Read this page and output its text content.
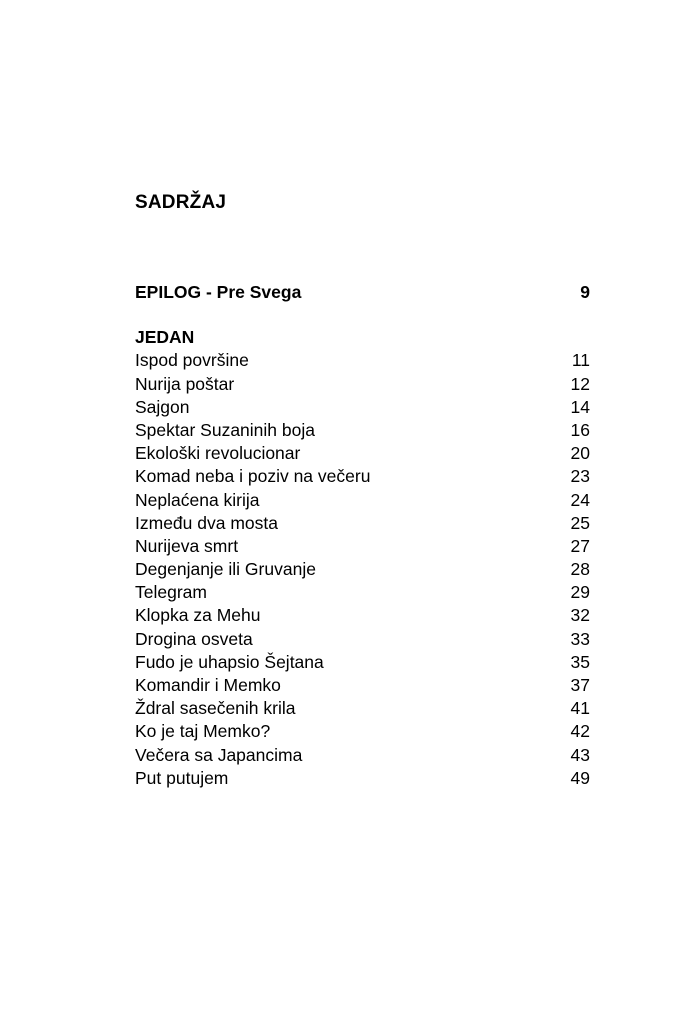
SADRŽAJ
EPILOG - Pre Svega	9
JEDAN
Ispod površine	11
Nurija poštar	12
Sajgon	14
Spektar Suzaninih boja	16
Ekološki revolucionar	20
Komad neba i poziv na večeru	23
Neplaćena kirija	24
Između dva mosta	25
Nurijeva smrt	27
Degenjanje ili Gruvanje	28
Telegram	29
Klopka za Mehu	32
Drogina osveta	33
Fudo je uhapsio Šejtana	35
Komandir i Memko	37
Ždral sasečenih krila	41
Ko je taj Memko?	42
Večera sa Japancima	43
Put putujem	49
